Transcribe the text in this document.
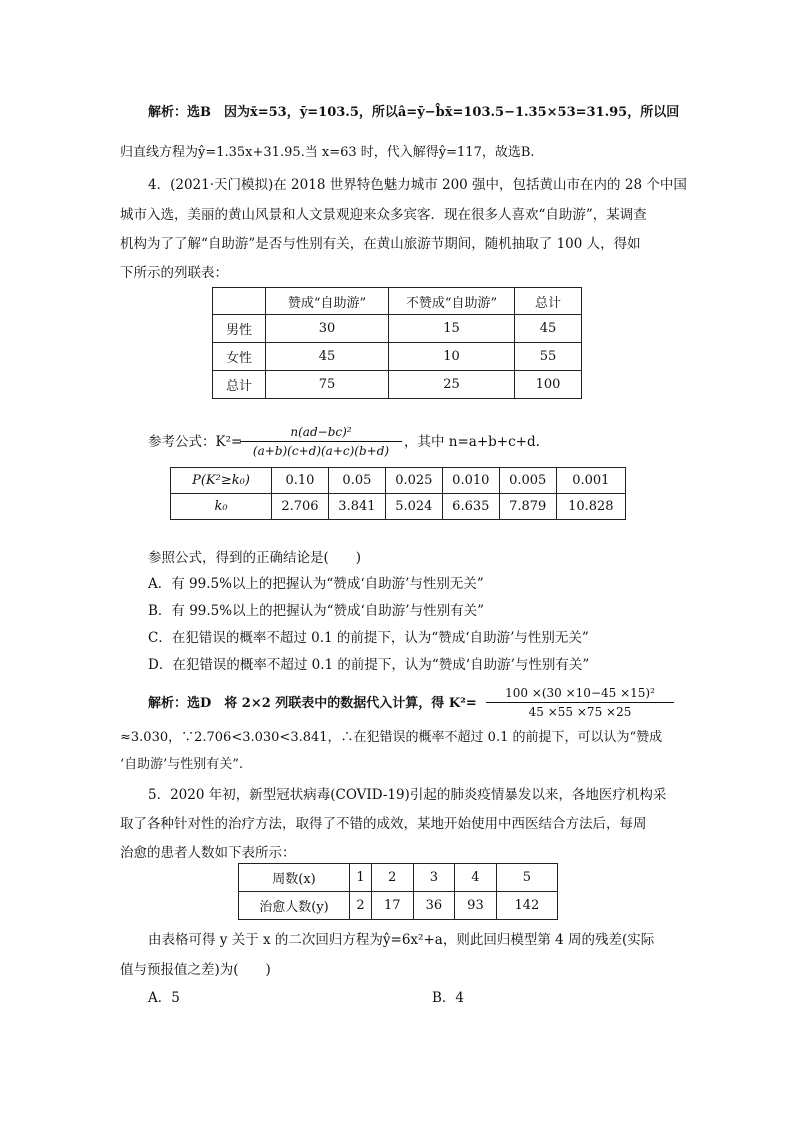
解析：选B　因为x̄=53，ȳ=103.5，所以â=ȳ−b̂x̄=103.5−1.35×53=31.95，所以回
归直线方程为ŷ=1.35x+31.95.当 x=63 时，代入解得ŷ=117，故选B.
4．(2021·天门模拟)在 2018 世界特色魅力城市 200 强中，包括黄山市在内的 28 个中国
城市入选，美丽的黄山风景和人文景观迎来众多宾客．现在很多人喜欢“自助游”，某调查
机构为了了解“自助游”是否与性别有关，在黄山旅游节期间，随机抽取了 100 人，得如
下所示的列联表：
	赞成“自助游”	不赞成“自助游”	总计
男性	30	15	45
女性	45	10	55
总计	75	25	100
参考公式：K²=
n(ad−bc)²
(a+b)(c+d)(a+c)(b+d)
，其中 n=a+b+c+d.
P(K²≥k₀)	0.10	0.05	0.025	0.010	0.005	0.001
k₀	2.706	3.841	5.024	6.635	7.879	10.828
参照公式，得到的正确结论是(　　)
A．有 99.5%以上的把握认为“赞成‘自助游’与性别无关”
B．有 99.5%以上的把握认为“赞成‘自助游’与性别有关”
C．在犯错误的概率不超过 0.1 的前提下，认为“赞成‘自助游’与性别无关”
D．在犯错误的概率不超过 0.1 的前提下，认为“赞成‘自助游’与性别有关”
解析：选D　将 2×2 列联表中的数据代入计算，得 K²=
100 ×(30 ×10−45 ×15)²
45 ×55 ×75 ×25
≈3.030，∵2.706<3.030<3.841，∴在犯错误的概率不超过 0.1 的前提下，可以认为“赞成
‘自助游’与性别有关”.
5．2020 年初，新型冠状病毒(COVID-19)引起的肺炎疫情暴发以来，各地医疗机构采
取了各种针对性的治疗方法，取得了不错的成效，某地开始使用中西医结合方法后，每周
治愈的患者人数如下表所示：
周数(x)	1	2	3	4	5
治愈人数(y)	2	17	36	93	142
由表格可得 y 关于 x 的二次回归方程为ŷ=6x²+a，则此回归模型第 4 周的残差(实际
值与预报值之差)为(　　)
A．5	B．4
